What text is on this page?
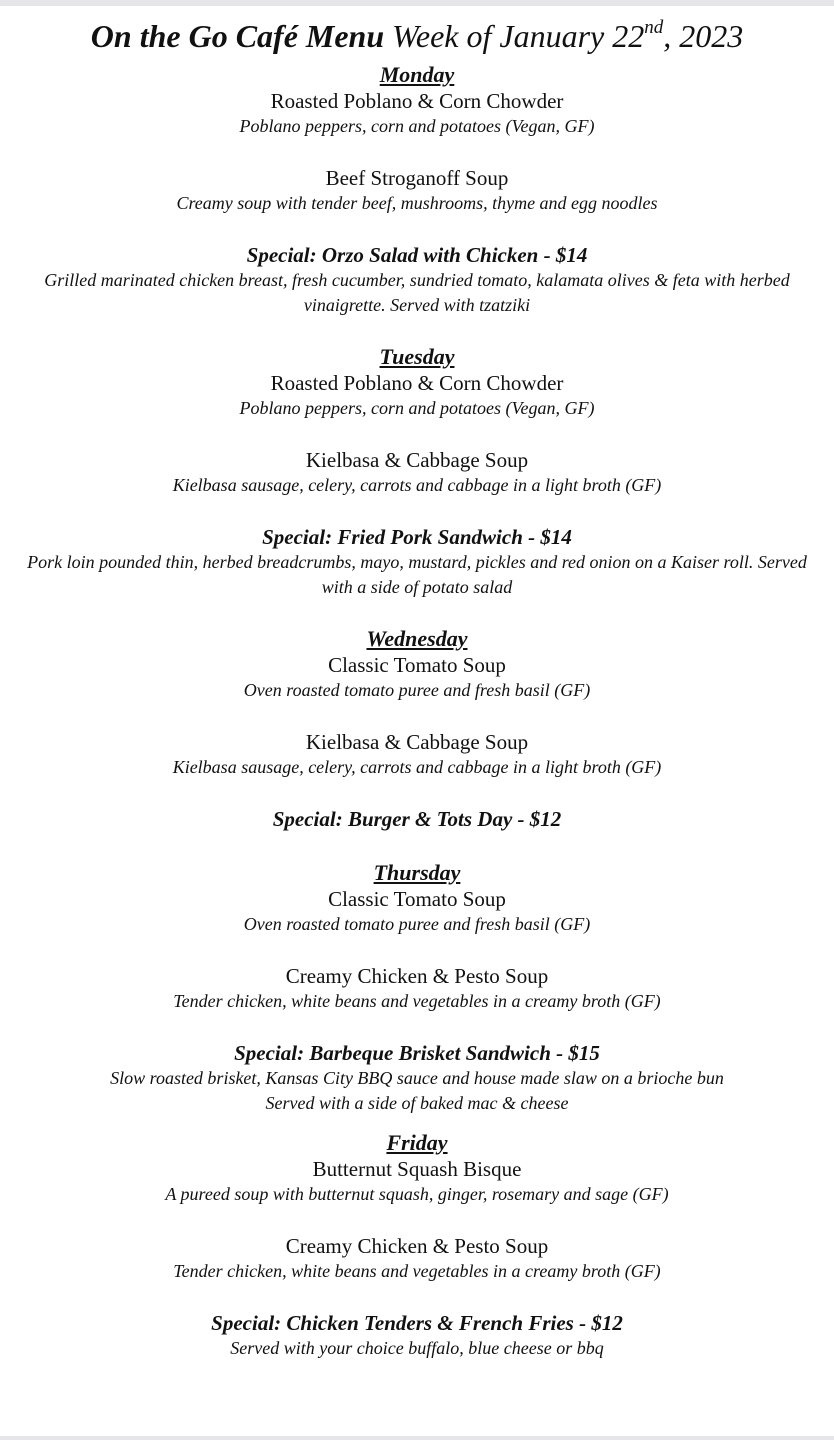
On the Go Café Menu Week of January 22nd, 2023

Monday

Roasted Poblano & Corn Chowder

Poblano peppers, corn and potatoes (Vegan, GF)

Beef Stroganoff Soup

Creamy soup with tender beef, mushrooms, thyme and egg noodles

Special: Orzo Salad with Chicken - $14

Grilled marinated chicken breast, fresh cucumber, sundried tomato, kalamata olives & feta with herbed vinaigrette. Served with tzatziki

Tuesday

Roasted Poblano & Corn Chowder

Poblano peppers, corn and potatoes (Vegan, GF)

Kielbasa & Cabbage Soup

Kielbasa sausage, celery, carrots and cabbage in a light broth (GF)

Special: Fried Pork Sandwich - $14

Pork loin pounded thin, herbed breadcrumbs, mayo, mustard, pickles and red onion on a Kaiser roll. Served with a side of potato salad

Wednesday

Classic Tomato Soup

Oven roasted tomato puree and fresh basil (GF)

Kielbasa & Cabbage Soup

Kielbasa sausage, celery, carrots and cabbage in a light broth (GF)

Special: Burger & Tots Day - $12

Thursday

Classic Tomato Soup

Oven roasted tomato puree and fresh basil (GF)

Creamy Chicken & Pesto Soup

Tender chicken, white beans and vegetables in a creamy broth (GF)

Special: Barbeque Brisket Sandwich - $15

Slow roasted brisket, Kansas City BBQ sauce and house made slaw on a brioche bun

Served with a side of baked mac & cheese

Friday

Butternut Squash Bisque

A pureed soup with butternut squash, ginger, rosemary and sage (GF)

Creamy Chicken & Pesto Soup

Tender chicken, white beans and vegetables in a creamy broth (GF)

Special: Chicken Tenders & French Fries - $12

Served with your choice buffalo, blue cheese or bbq
